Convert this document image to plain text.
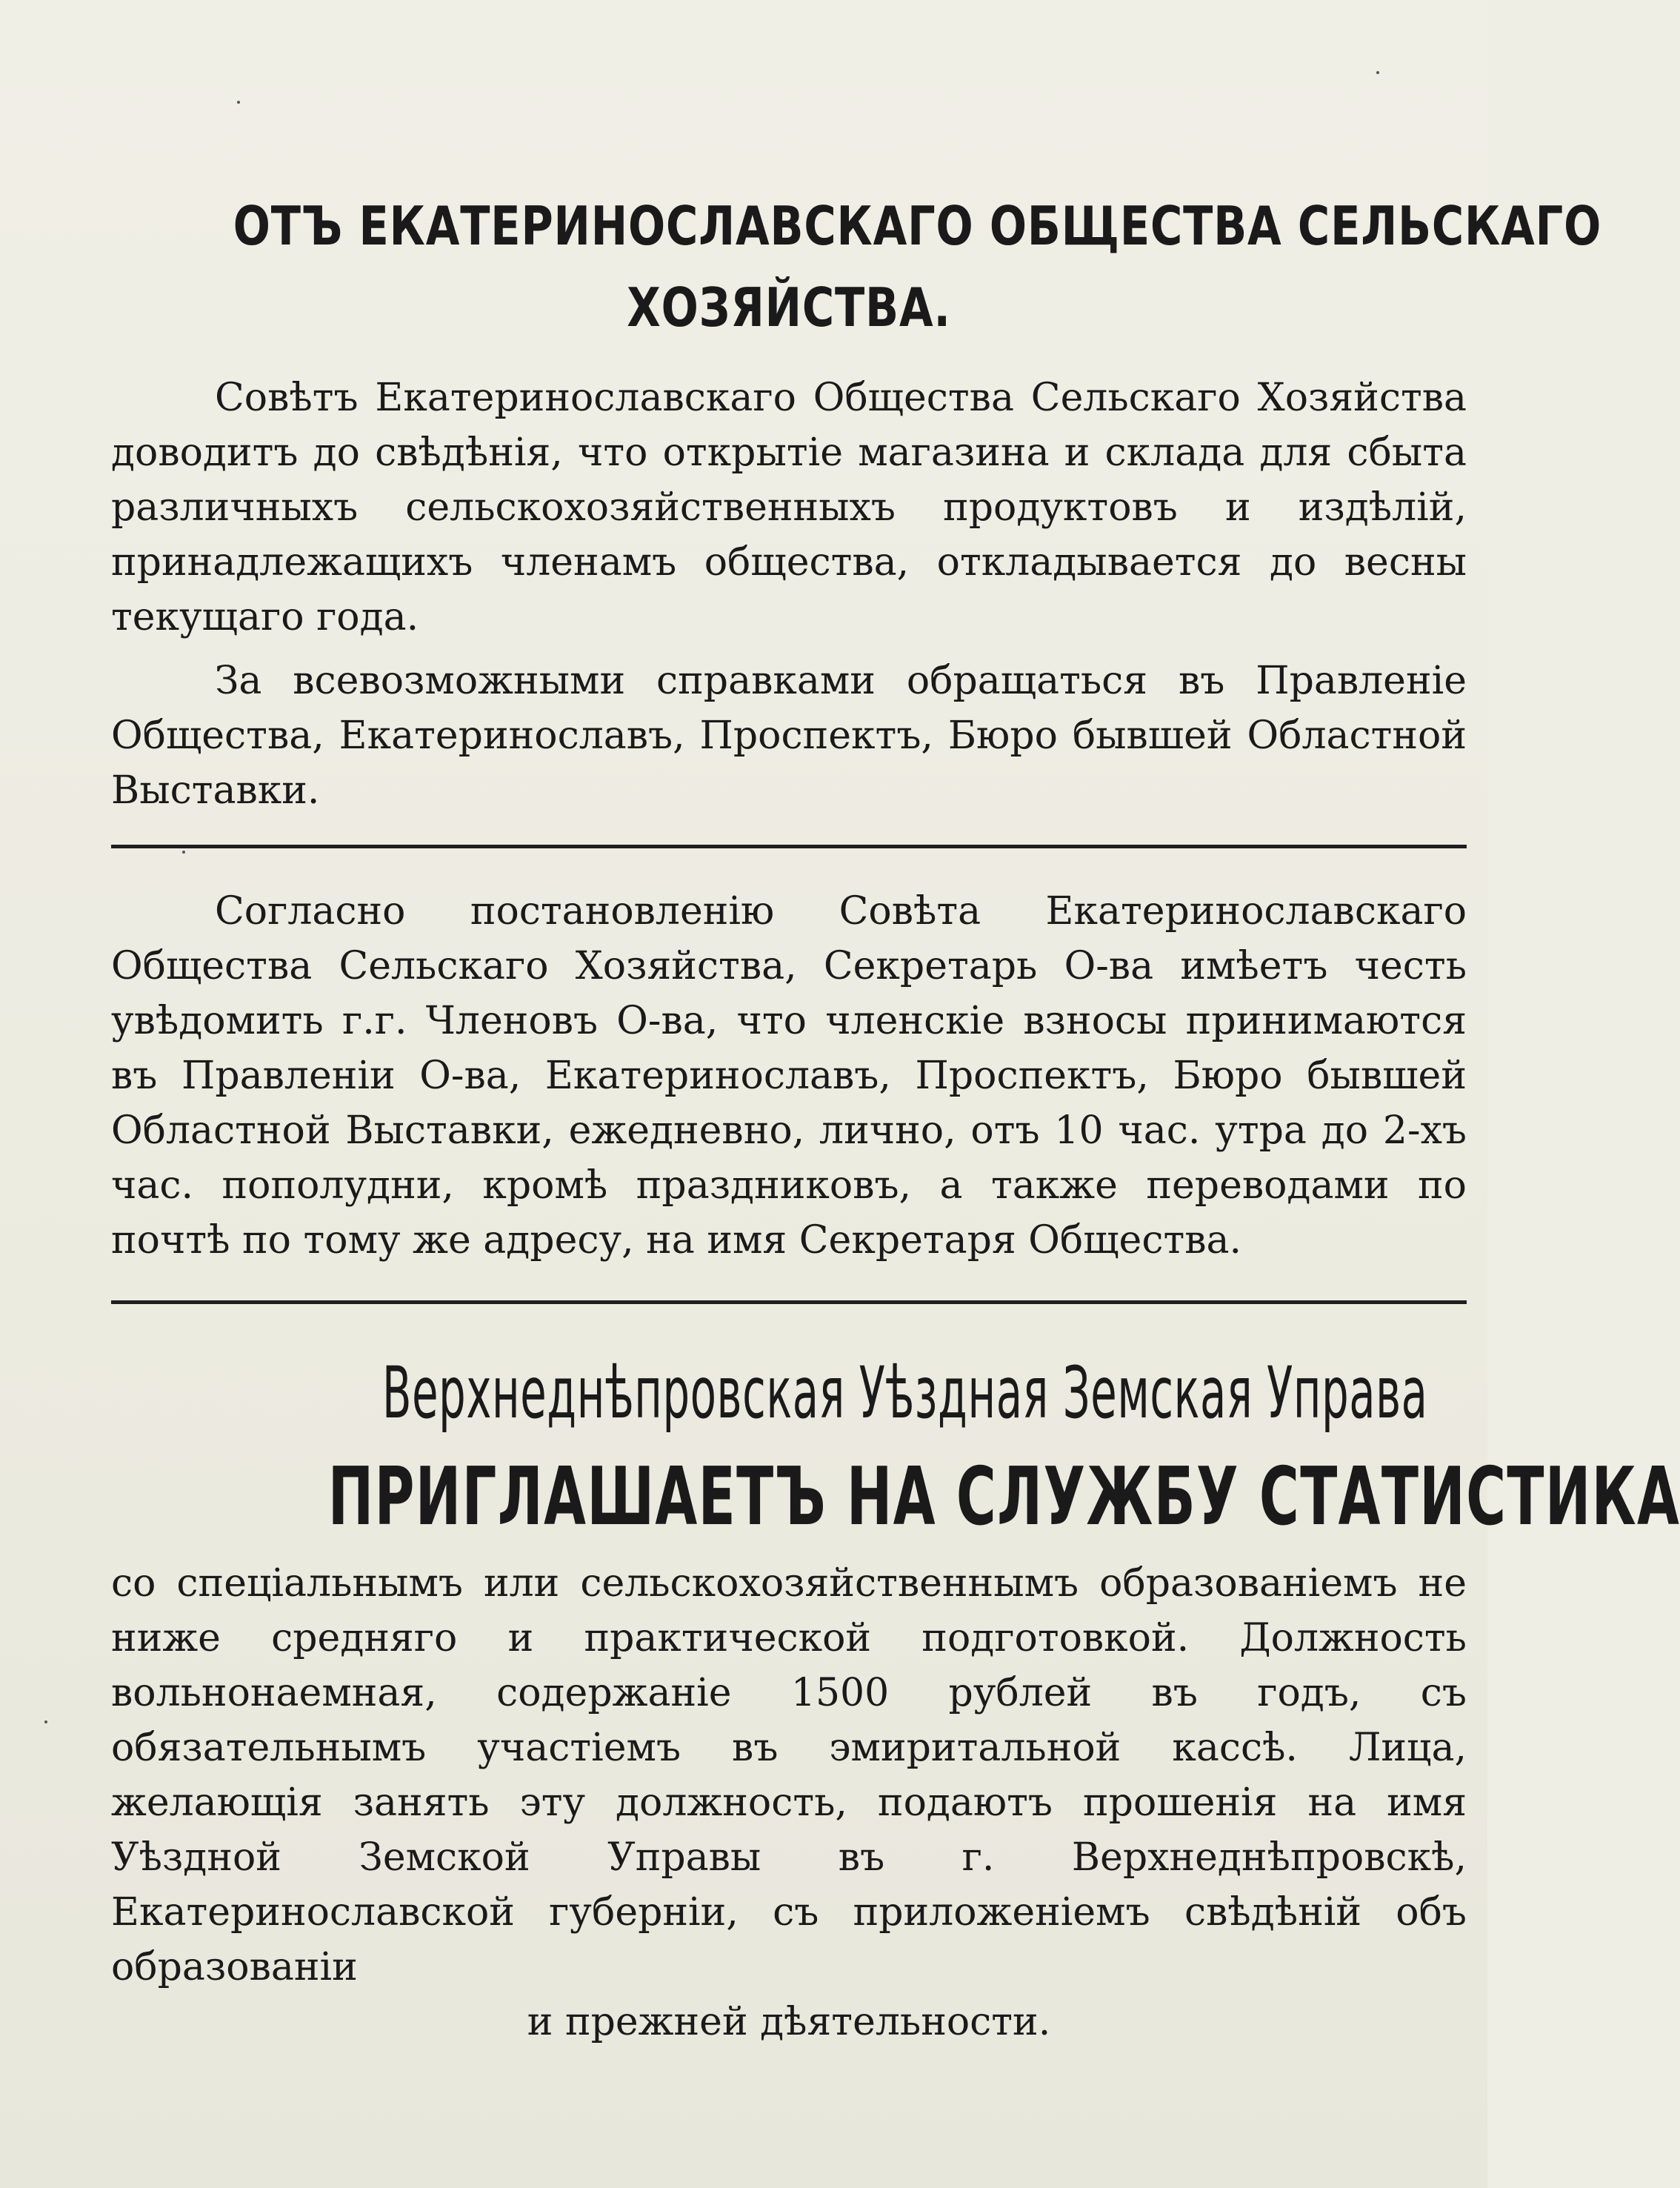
ОТЪ ЕКАТЕРИНОСЛАВСКАГО ОБЩЕСТВА СЕЛЬСКАГО
ХОЗЯЙСТВА.

Совѣтъ Екатеринославскаго Общества Сельскаго Хозяйства доводитъ до свѣдѣнія, что открытіе магазина и склада для сбыта различныхъ сельскохозяйственныхъ продуктовъ и издѣлій, принадлежащихъ членамъ общества, откладывается до весны текущаго года.

За всевозможными справками обращаться въ Правленіе Общества, Екатеринославъ, Проспектъ, Бюро бывшей Областной Выставки.

Согласно постановленію Совѣта Екатеринославскаго Общества Сельскаго Хозяйства, Секретарь О-ва имѣетъ честь увѣдомить г.г. Членовъ О-ва, что членскіе взносы принимаются въ Правленіи О-ва, Екатеринославъ, Проспектъ, Бюро бывшей Областной Выставки, ежедневно, лично, отъ 10 час. утра до 2-хъ час. пополудни, кромѣ праздниковъ, а также переводами по почтѣ по тому же адресу, на имя Секретаря Общества.

Верхнеднѣпровская Уѣздная Земская Управа
ПРИГЛАШАЕТЪ НА СЛУЖБУ СТАТИСТИКА

со спеціальнымъ или сельскохозяйственнымъ образованіемъ не ниже средняго и практической подготовкой. Должность вольнонаемная, содержаніе 1500 рублей въ годъ, съ обязательнымъ участіемъ въ эмиритальной кассѣ. Лица, желающія занять эту должность, подаютъ прошенія на имя Уѣздной Земской Управы въ г. Верхнеднѣпровскѣ, Екатеринославской губерніи, съ приложеніемъ свѣдѣній объ образованіи

и прежней дѣятельности.
